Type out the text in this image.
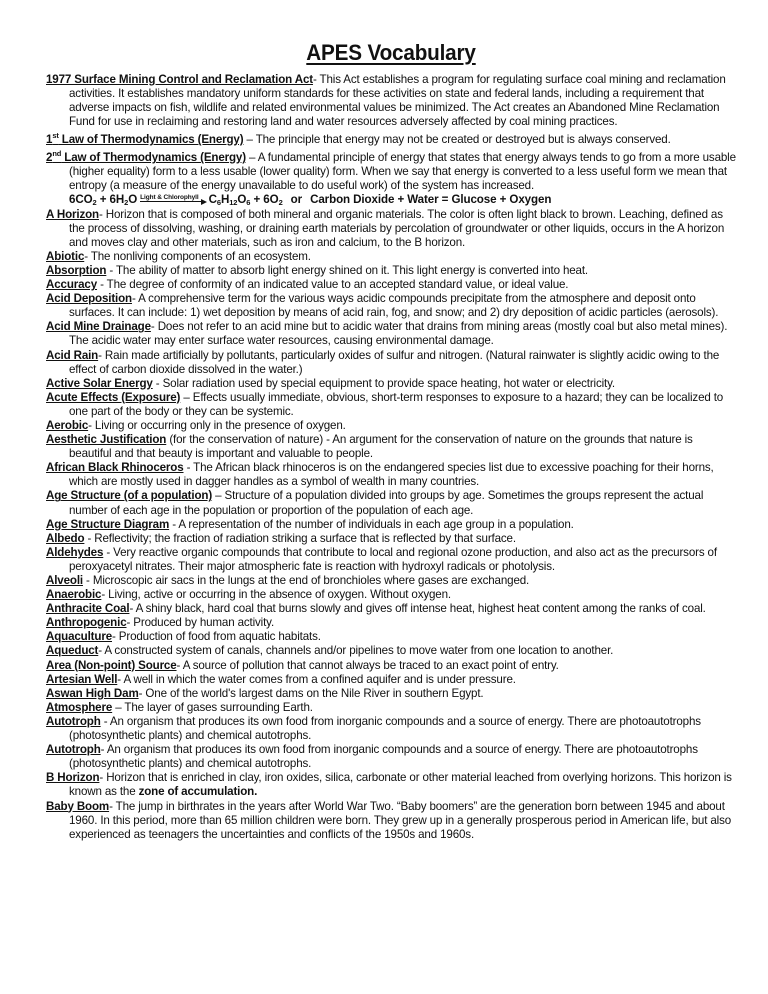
APES Vocabulary
1977 Surface Mining Control and Reclamation Act- This Act establishes a program for regulating surface coal mining and reclamation activities. It establishes mandatory uniform standards for these activities on state and federal lands, including a requirement that adverse impacts on fish, wildlife and related environmental values be minimized. The Act creates an Abandoned Mine Reclamation Fund for use in reclaiming and restoring land and water resources adversely affected by coal mining practices.
1st Law of Thermodynamics (Energy) – The principle that energy may not be created or destroyed but is always conserved.
2nd Law of Thermodynamics (Energy) – A fundamental principle of energy that states that energy always tends to go from a more usable (higher equality) form to a less usable (lower quality) form. When we say that energy is converted to a less useful form we mean that entropy (a measure of the energy unavailable to do useful work) of the system has increased.
$6CO_2 + 6H_2O$ Light & Chlorophyll $C_6H_{12}O_6 + 6O_2$ or Carbon Dioxide + Water = Glucose + Oxygen
A Horizon- Horizon that is composed of both mineral and organic materials. The color is often light black to brown. Leaching, defined as the process of dissolving, washing, or draining earth materials by percolation of groundwater or other liquids, occurs in the A horizon and moves clay and other materials, such as iron and calcium, to the B horizon.
Abiotic- The nonliving components of an ecosystem.
Absorption - The ability of matter to absorb light energy shined on it. This light energy is converted into heat.
Accuracy - The degree of conformity of an indicated value to an accepted standard value, or ideal value.
Acid Deposition- A comprehensive term for the various ways acidic compounds precipitate from the atmosphere and deposit onto surfaces. It can include: 1) wet deposition by means of acid rain, fog, and snow; and 2) dry deposition of acidic particles (aerosols).
Acid Mine Drainage- Does not refer to an acid mine but to acidic water that drains from mining areas (mostly coal but also metal mines). The acidic water may enter surface water resources, causing environmental damage.
Acid Rain- Rain made artificially by pollutants, particularly oxides of sulfur and nitrogen. (Natural rainwater is slightly acidic owing to the effect of carbon dioxide dissolved in the water.)
Active Solar Energy - Solar radiation used by special equipment to provide space heating, hot water or electricity.
Acute Effects (Exposure) – Effects usually immediate, obvious, short-term responses to exposure to a hazard; they can be localized to one part of the body or they can be systemic.
Aerobic- Living or occurring only in the presence of oxygen.
Aesthetic Justification (for the conservation of nature) - An argument for the conservation of nature on the grounds that nature is beautiful and that beauty is important and valuable to people.
African Black Rhinoceros - The African black rhinoceros is on the endangered species list due to excessive poaching for their horns, which are mostly used in dagger handles as a symbol of wealth in many countries.
Age Structure (of a population) – Structure of a population divided into groups by age. Sometimes the groups represent the actual number of each age in the population or proportion of the population of each age.
Age Structure Diagram - A representation of the number of individuals in each age group in a population.
Albedo - Reflectivity; the fraction of radiation striking a surface that is reflected by that surface.
Aldehydes - Very reactive organic compounds that contribute to local and regional ozone production, and also act as the precursors of peroxyacetyl nitrates. Their major atmospheric fate is reaction with hydroxyl radicals or photolysis.
Alveoli - Microscopic air sacs in the lungs at the end of bronchioles where gases are exchanged.
Anaerobic- Living, active or occurring in the absence of oxygen. Without oxygen.
Anthracite Coal- A shiny black, hard coal that burns slowly and gives off intense heat, highest heat content among the ranks of coal.
Anthropogenic- Produced by human activity.
Aquaculture- Production of food from aquatic habitats.
Aqueduct- A constructed system of canals, channels and/or pipelines to move water from one location to another.
Area (Non-point) Source- A source of pollution that cannot always be traced to an exact point of entry.
Artesian Well- A well in which the water comes from a confined aquifer and is under pressure.
Aswan High Dam- One of the world's largest dams on the Nile River in southern Egypt.
Atmosphere – The layer of gases surrounding Earth.
Autotroph - An organism that produces its own food from inorganic compounds and a source of energy. There are photoautotrophs (photosynthetic plants) and chemical autotrophs.
Autotroph- An organism that produces its own food from inorganic compounds and a source of energy. There are photoautotrophs (photosynthetic plants) and chemical autotrophs.
B Horizon- Horizon that is enriched in clay, iron oxides, silica, carbonate or other material leached from overlying horizons. This horizon is known as the zone of accumulation.
Baby Boom- The jump in birthrates in the years after World War Two. “Baby boomers” are the generation born between 1945 and about 1960. In this period, more than 65 million children were born. They grew up in a generally prosperous period in American life, but also experienced as teenagers the uncertainties and conflicts of the 1950s and 1960s.
